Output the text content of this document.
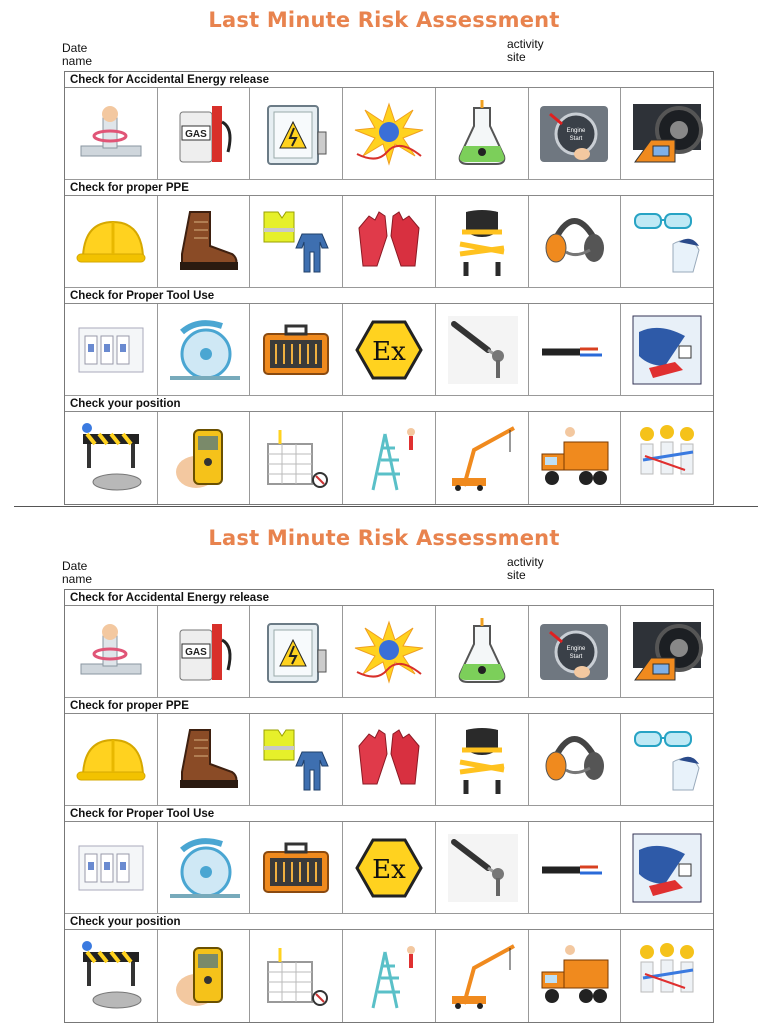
Last Minute Risk Assessment
Date
name
activity
site
Check for Accidental Energy release
GAS	Engine
Start
Check for proper PPE
Check for Proper Tool Use
Ex
Check your position
Last Minute Risk Assessment
Date
name
activity
site
Check for Accidental Energy release
GAS	Engine
Start
Check for proper PPE
Check for Proper Tool Use
Ex
Check your position
